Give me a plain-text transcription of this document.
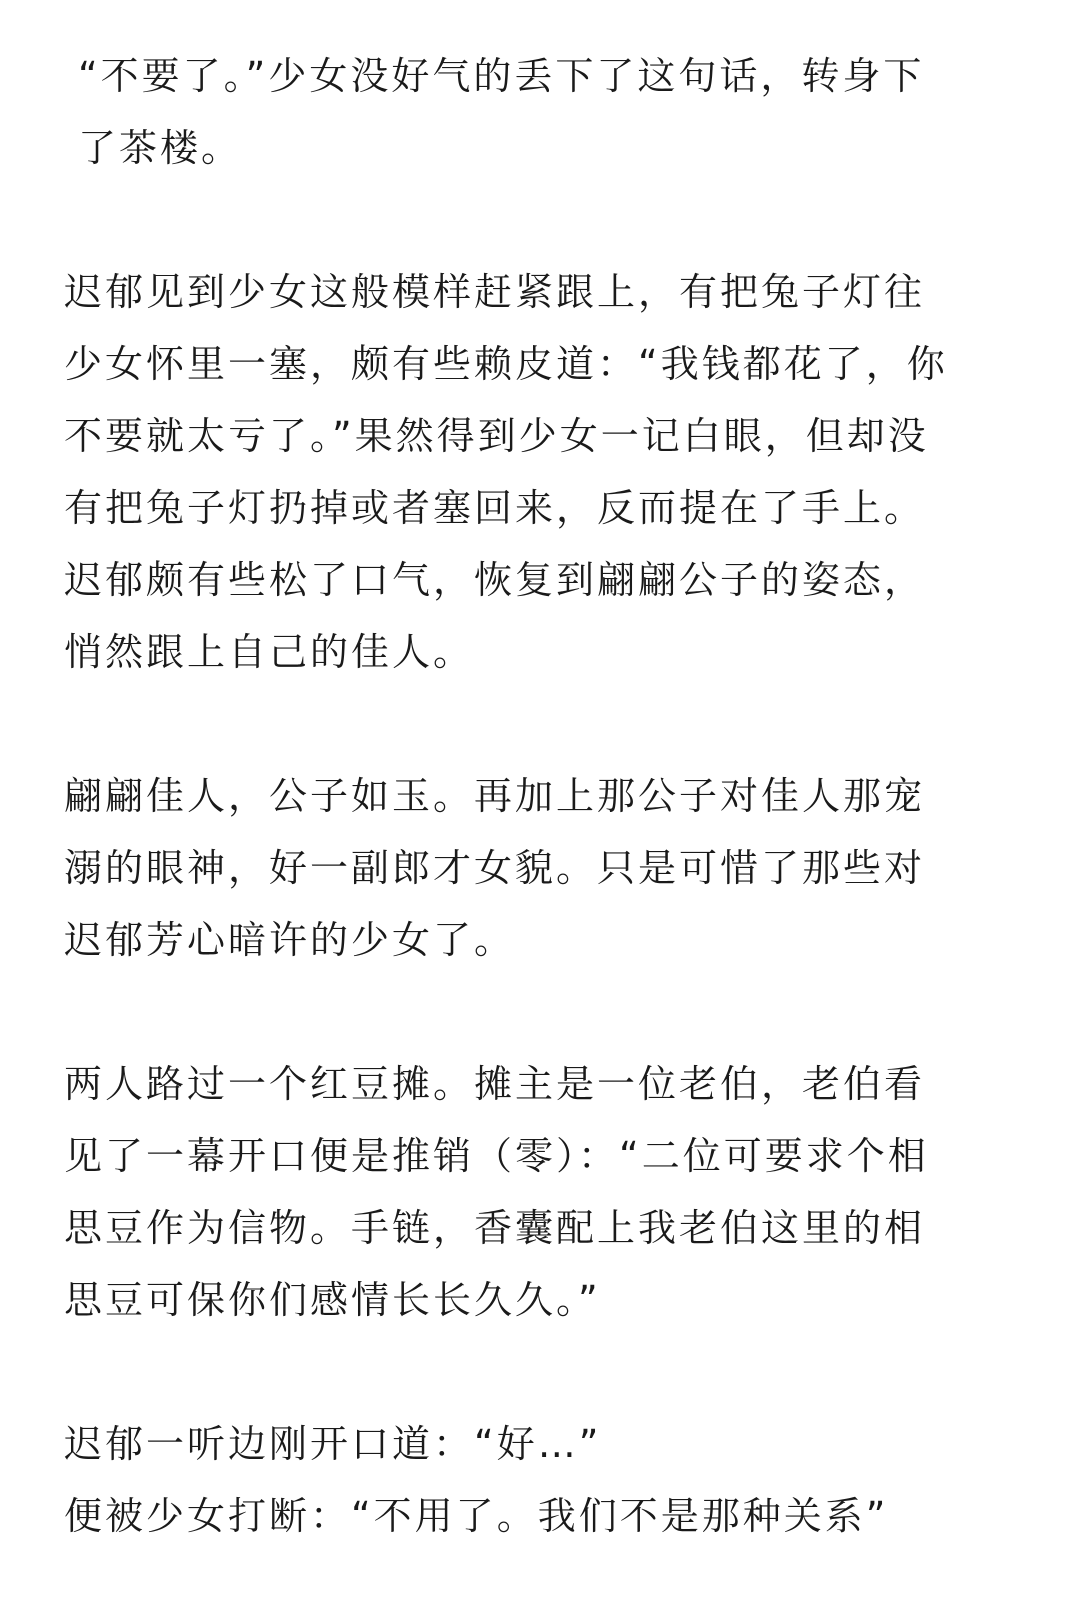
“不要了。”少女没好气的丢下了这句话，转身下了茶楼。

迟郁见到少女这般模样赶紧跟上，有把兔子灯往少女怀里一塞，颇有些赖皮道：“我钱都花了，你不要就太亏了。”果然得到少女一记白眼，但却没有把兔子灯扔掉或者塞回来，反而提在了手上。迟郁颇有些松了口气，恢复到翩翩公子的姿态，悄然跟上自己的佳人。

翩翩佳人，公子如玉。再加上那公子对佳人那宠溺的眼神，好一副郎才女貌。只是可惜了那些对迟郁芳心暗许的少女了。

两人路过一个红豆摊。摊主是一位老伯，老伯看见了一幕开口便是推销（零）：“二位可要求个相思豆作为信物。手链，香囊配上我老伯这里的相思豆可保你们感情长长久久。”

迟郁一听边刚开口道：“好…”

便被少女打断：“不用了。我们不是那种关系”
